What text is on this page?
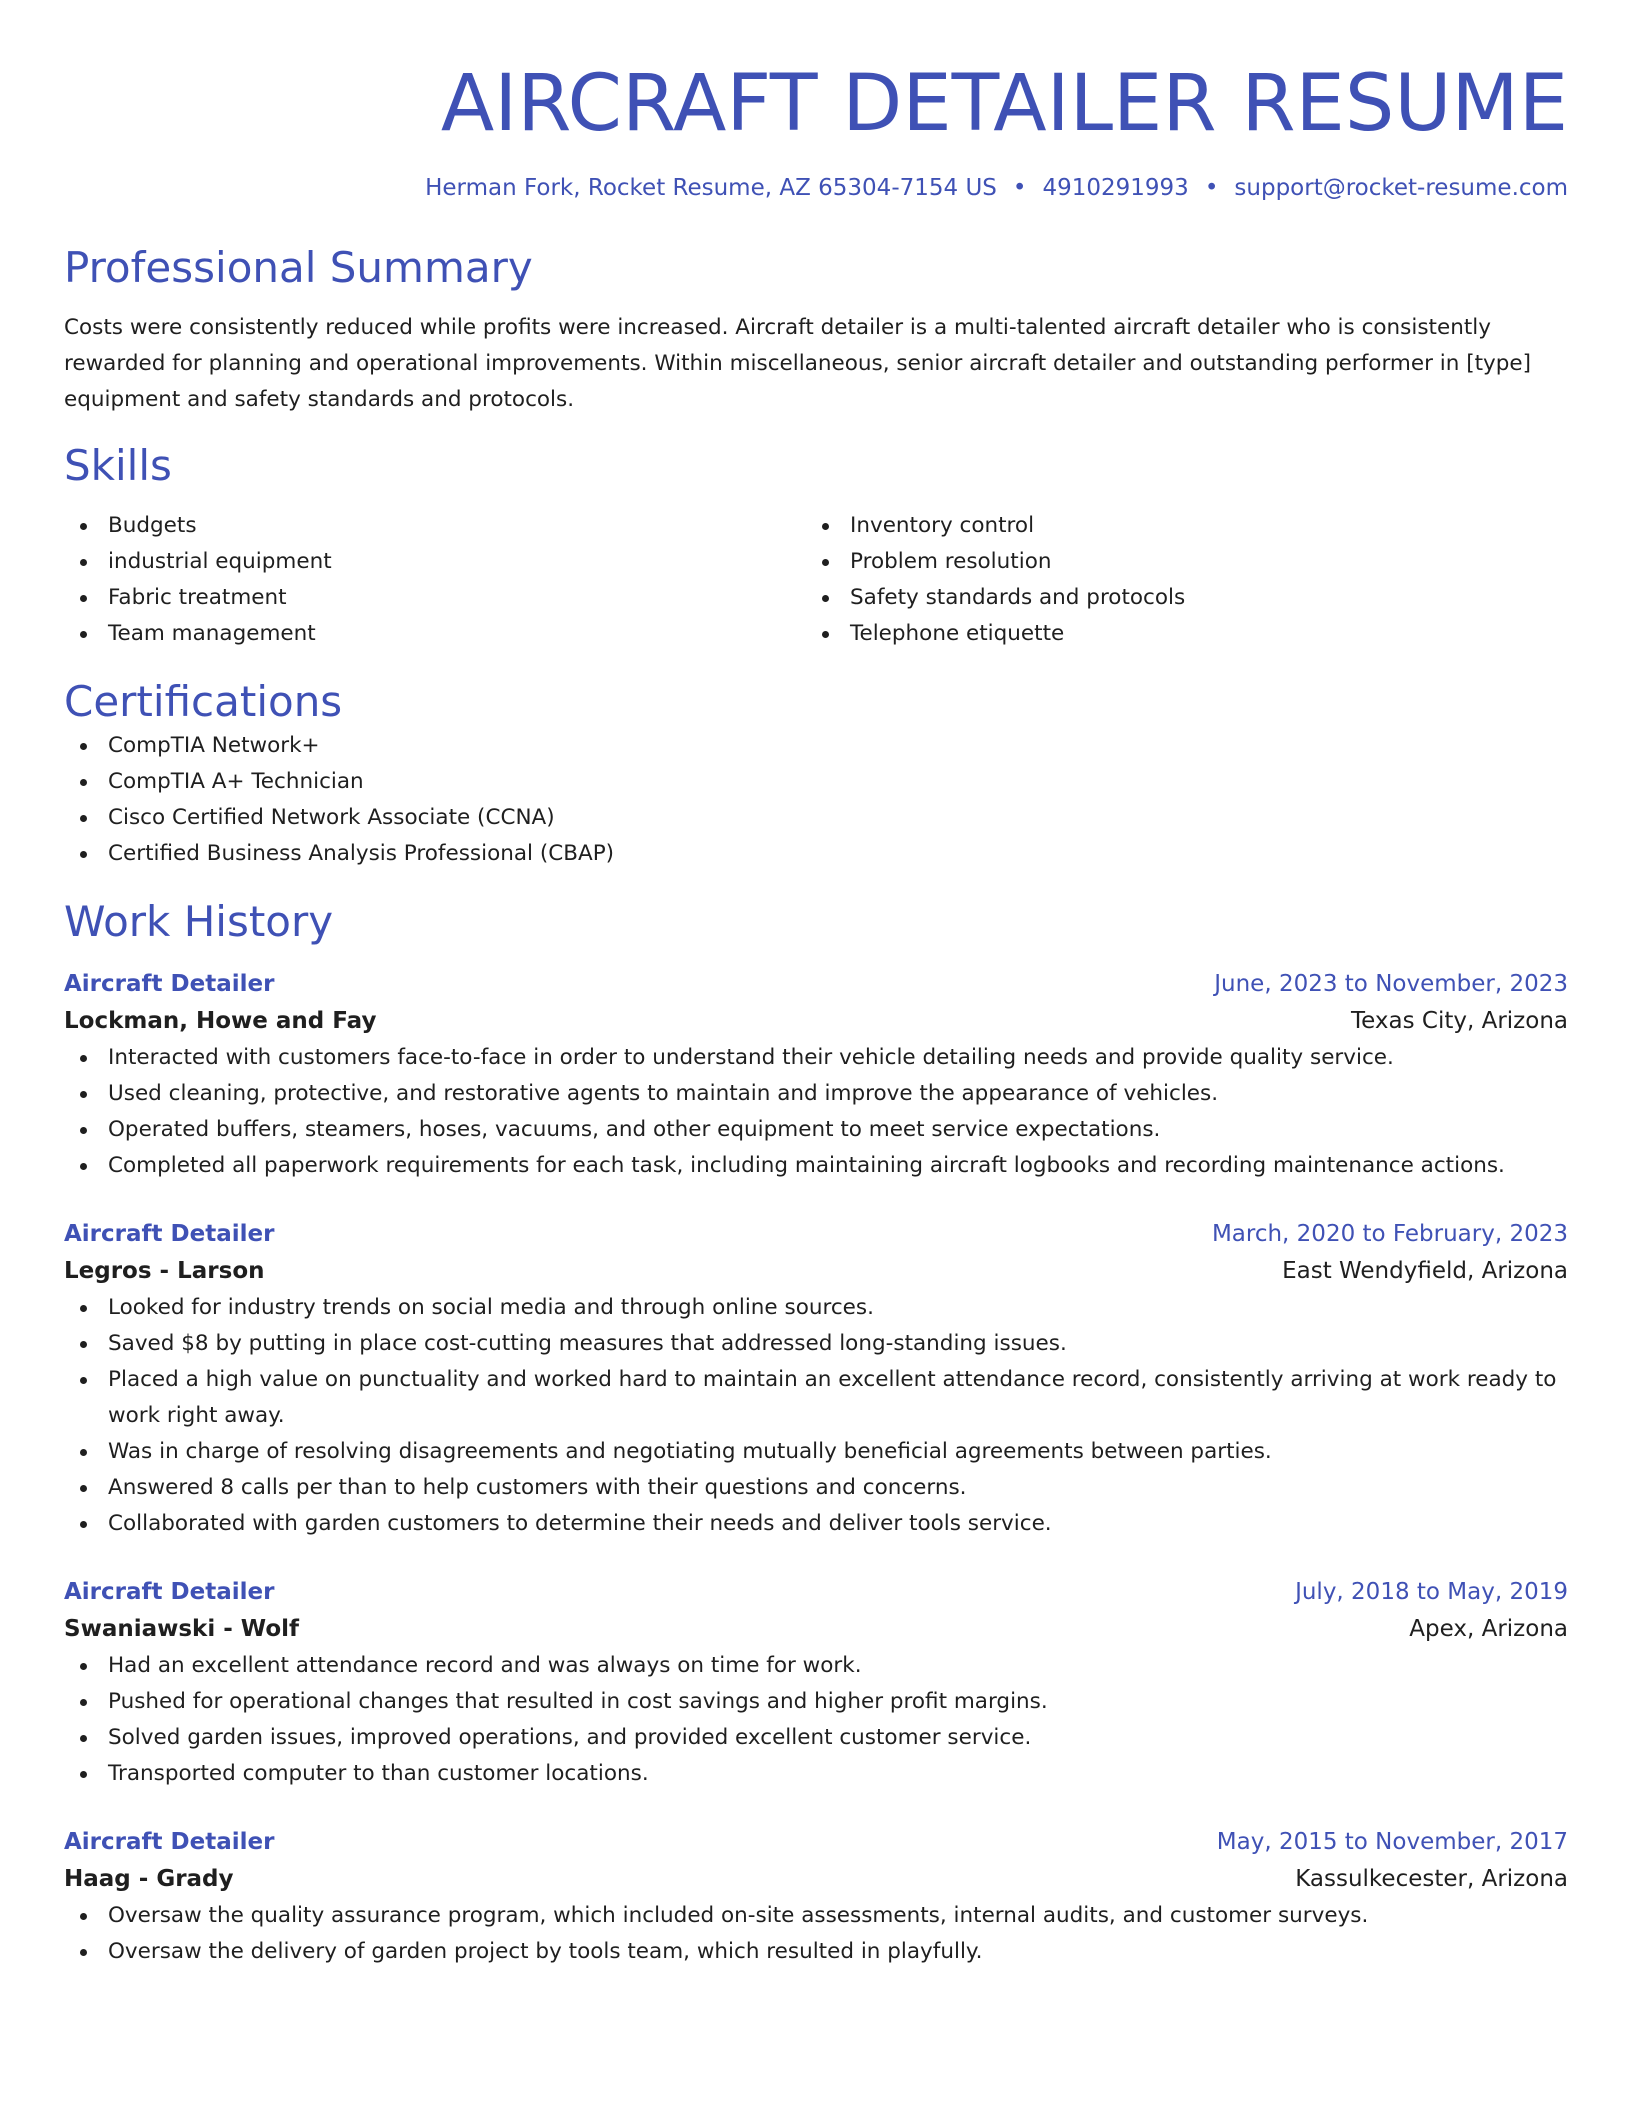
AIRCRAFT DETAILER RESUME
Herman Fork, Rocket Resume, AZ 65304-7154 US • 4910291993 • support@rocket-resume.com
Professional Summary

Costs were consistently reduced while profits were increased. Aircraft detailer is a multi-talented aircraft detailer who is consistently rewarded for planning and operational improvements. Within miscellaneous, senior aircraft detailer and outstanding performer in [type] equipment and safety standards and protocols.

Skills
Budgets
industrial equipment
Fabric treatment
Team management
Inventory control
Problem resolution
Safety standards and protocols
Telephone etiquette
Certifications
CompTIA Network+
CompTIA A+ Technician
Cisco Certified Network Associate (CCNA)
Certified Business Analysis Professional (CBAP)
Work History
Aircraft Detailer	June, 2023 to November, 2023
Lockman, Howe and Fay	Texas City, Arizona
Interacted with customers face-to-face in order to understand their vehicle detailing needs and provide quality service.
Used cleaning, protective, and restorative agents to maintain and improve the appearance of vehicles.
Operated buffers, steamers, hoses, vacuums, and other equipment to meet service expectations.
Completed all paperwork requirements for each task, including maintaining aircraft logbooks and recording maintenance actions.
Aircraft Detailer	March, 2020 to February, 2023
Legros - Larson	East Wendyfield, Arizona
Looked for industry trends on social media and through online sources.
Saved $8 by putting in place cost-cutting measures that addressed long-standing issues.
Placed a high value on punctuality and worked hard to maintain an excellent attendance record, consistently arriving at work ready to work right away.
Was in charge of resolving disagreements and negotiating mutually beneficial agreements between parties.
Answered 8 calls per than to help customers with their questions and concerns.
Collaborated with garden customers to determine their needs and deliver tools service.
Aircraft Detailer	July, 2018 to May, 2019
Swaniawski - Wolf	Apex, Arizona
Had an excellent attendance record and was always on time for work.
Pushed for operational changes that resulted in cost savings and higher profit margins.
Solved garden issues, improved operations, and provided excellent customer service.
Transported computer to than customer locations.
Aircraft Detailer	May, 2015 to November, 2017
Haag - Grady	Kassulkecester, Arizona
Oversaw the quality assurance program, which included on-site assessments, internal audits, and customer surveys.
Oversaw the delivery of garden project by tools team, which resulted in playfully.
